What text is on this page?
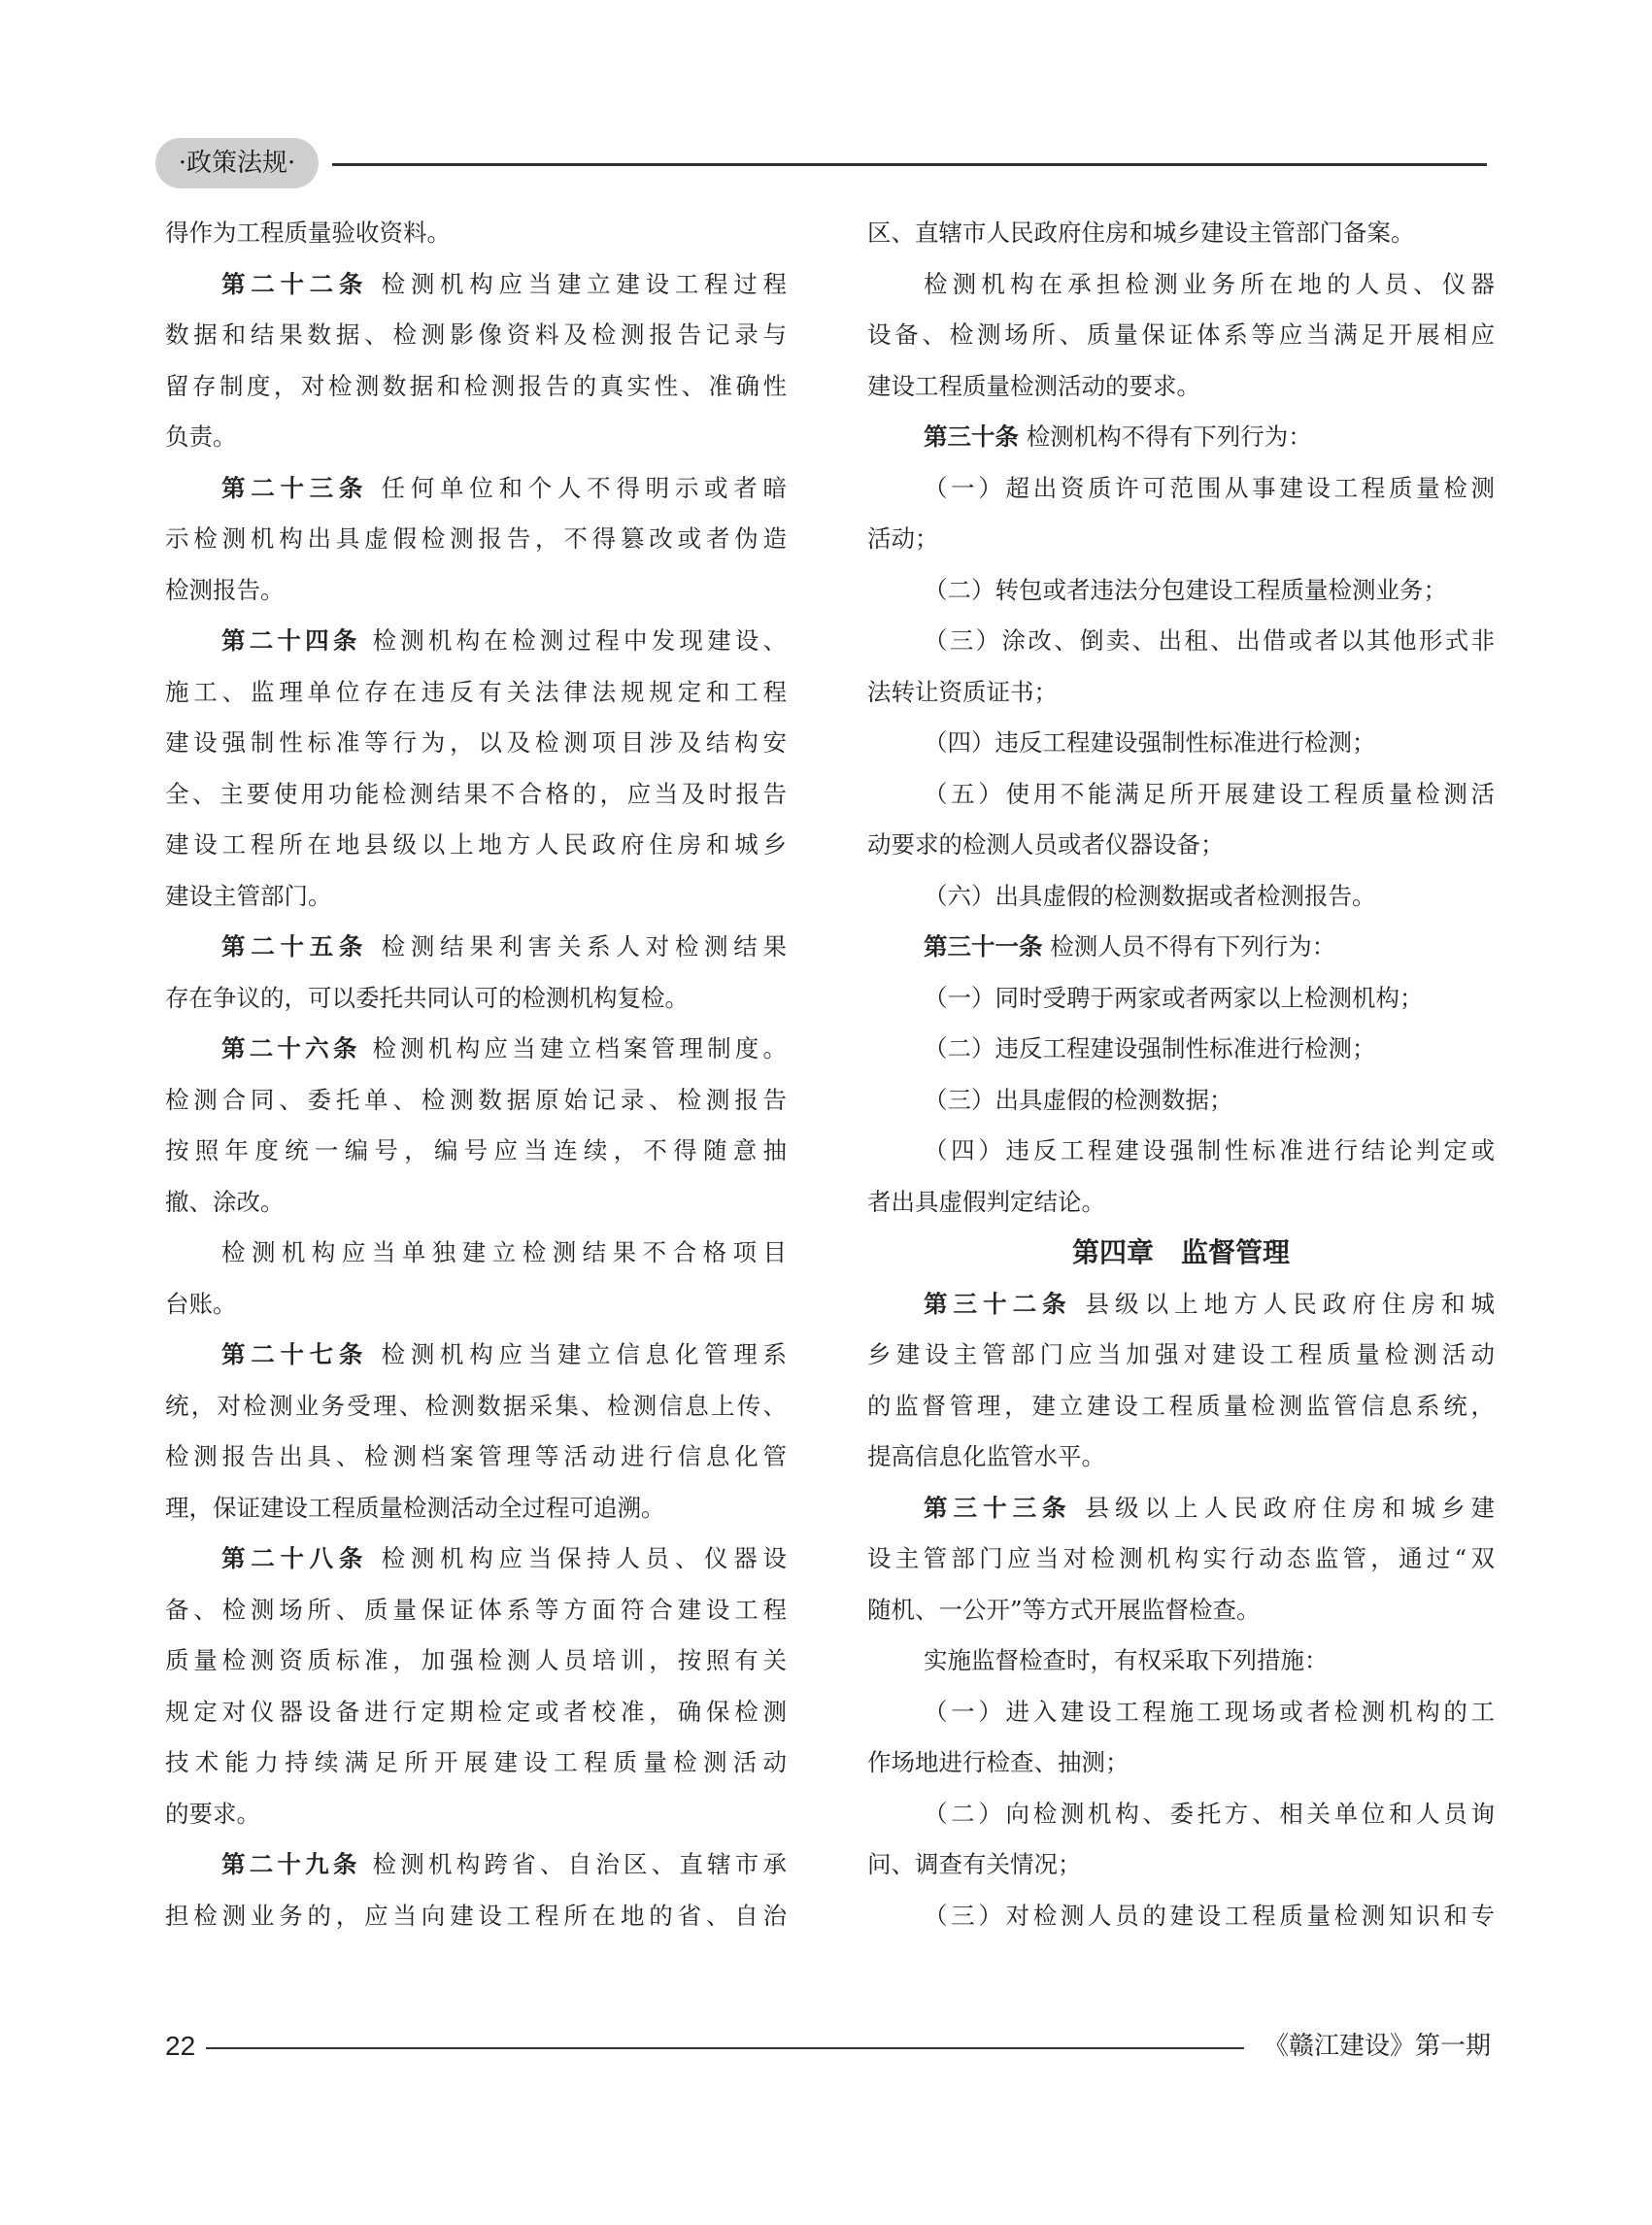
·政策法规·
得作为工程质量验收资料。
第二十二条 检测机构应当建立建设工程过程
数据和结果数据、检测影像资料及检测报告记录与
留存制度，对检测数据和检测报告的真实性、准确性
负责。
第二十三条 任何单位和个人不得明示或者暗
示检测机构出具虚假检测报告，不得篡改或者伪造
检测报告。
第二十四条 检测机构在检测过程中发现建设、
施工、监理单位存在违反有关法律法规规定和工程
建设强制性标准等行为，以及检测项目涉及结构安
全、主要使用功能检测结果不合格的，应当及时报告
建设工程所在地县级以上地方人民政府住房和城乡
建设主管部门。
第二十五条 检测结果利害关系人对检测结果
存在争议的，可以委托共同认可的检测机构复检。
第二十六条 检测机构应当建立档案管理制度。
检测合同、委托单、检测数据原始记录、检测报告
按照年度统一编号，编号应当连续，不得随意抽
撤、涂改。
检测机构应当单独建立检测结果不合格项目
台账。
第二十七条 检测机构应当建立信息化管理系
统，对检测业务受理、检测数据采集、检测信息上传、
检测报告出具、检测档案管理等活动进行信息化管
理，保证建设工程质量检测活动全过程可追溯。
第二十八条 检测机构应当保持人员、仪器设
备、检测场所、质量保证体系等方面符合建设工程
质量检测资质标准，加强检测人员培训，按照有关
规定对仪器设备进行定期检定或者校准，确保检测
技术能力持续满足所开展建设工程质量检测活动
的要求。
第二十九条 检测机构跨省、自治区、直辖市承
担检测业务的，应当向建设工程所在地的省、自治
区、直辖市人民政府住房和城乡建设主管部门备案。
检测机构在承担检测业务所在地的人员、仪器
设备、检测场所、质量保证体系等应当满足开展相应
建设工程质量检测活动的要求。
第三十条 检测机构不得有下列行为：
（一）超出资质许可范围从事建设工程质量检测
活动；
（二）转包或者违法分包建设工程质量检测业务；
（三）涂改、倒卖、出租、出借或者以其他形式非
法转让资质证书；
（四）违反工程建设强制性标准进行检测；
（五）使用不能满足所开展建设工程质量检测活
动要求的检测人员或者仪器设备；
（六）出具虚假的检测数据或者检测报告。
第三十一条 检测人员不得有下列行为：
（一）同时受聘于两家或者两家以上检测机构；
（二）违反工程建设强制性标准进行检测；
（三）出具虚假的检测数据；
（四）违反工程建设强制性标准进行结论判定或
者出具虚假判定结论。
第四章　监督管理
第三十二条 县级以上地方人民政府住房和城
乡建设主管部门应当加强对建设工程质量检测活动
的监督管理，建立建设工程质量检测监管信息系统，
提高信息化监管水平。
第三十三条 县级以上人民政府住房和城乡建
设主管部门应当对检测机构实行动态监管，通过“双
随机、一公开”等方式开展监督检查。
实施监督检查时，有权采取下列措施：
（一）进入建设工程施工现场或者检测机构的工
作场地进行检查、抽测；
（二）向检测机构、委托方、相关单位和人员询
问、调查有关情况；
（三）对检测人员的建设工程质量检测知识和专
22	《赣江建设》第一期
